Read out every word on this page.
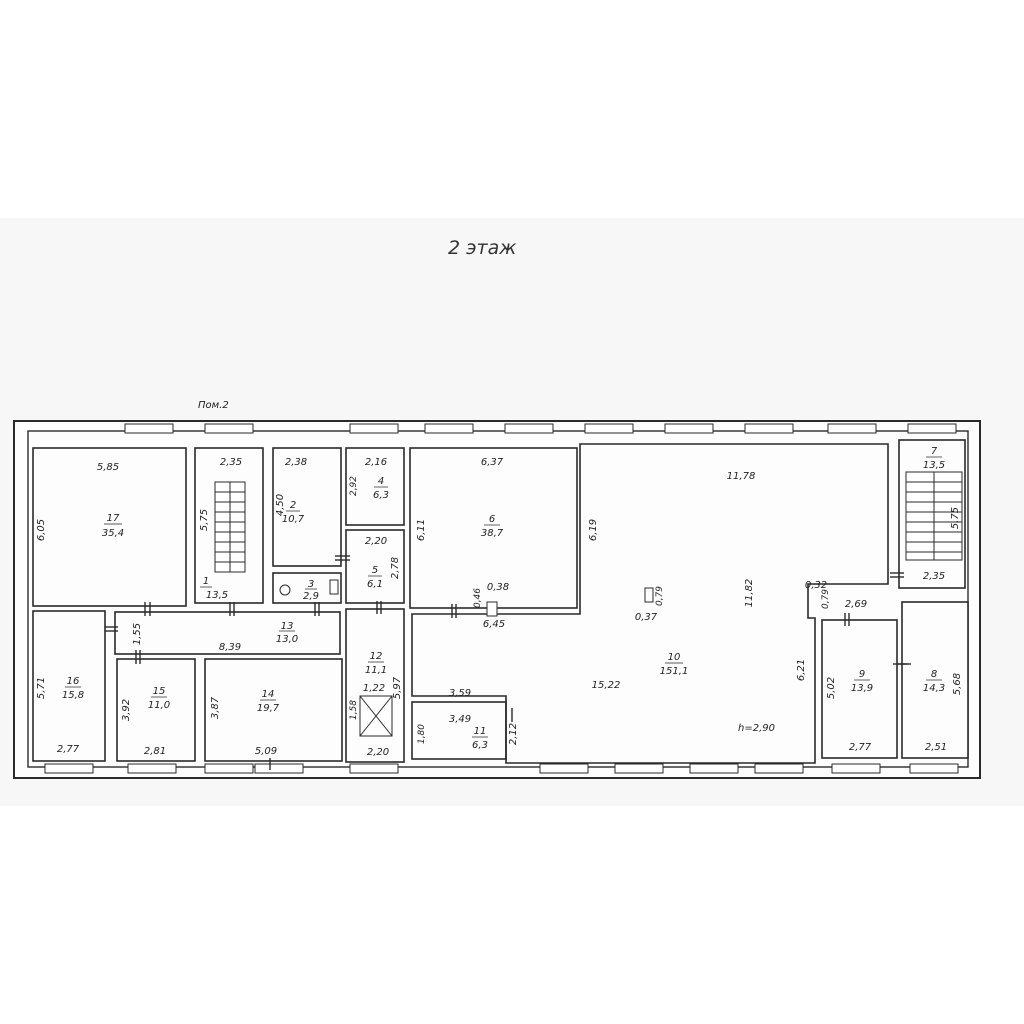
2 этаж
Пом.2
17
35,4
5,85
6,05
1
13,5
2,35
5,75
2
10,7
2,38
4,50
4
6,3
2,16
2,92
3
2,9
5
6,1
2,20
2,78
6
38,7
6,37
6,11
7
13,5
2,35
5,75
16
15,8
2,77
5,71
13
13,0
8,39
1,55
12
11,1
2,20
5,97
15
11,0
2,81
3,92
14
19,7
5,09
3,87
10
151,1
15,22
6,21
11
6,3
3,49
2,12
9
13,9
2,77
5,02
8
14,3
2,51
5,68
11,78
6,19
11,82	0,32
0,79
0,37
0,79
0,46
0,38
6,45
2,69
3,59
1,80
1,22
1,58
h=2,90
